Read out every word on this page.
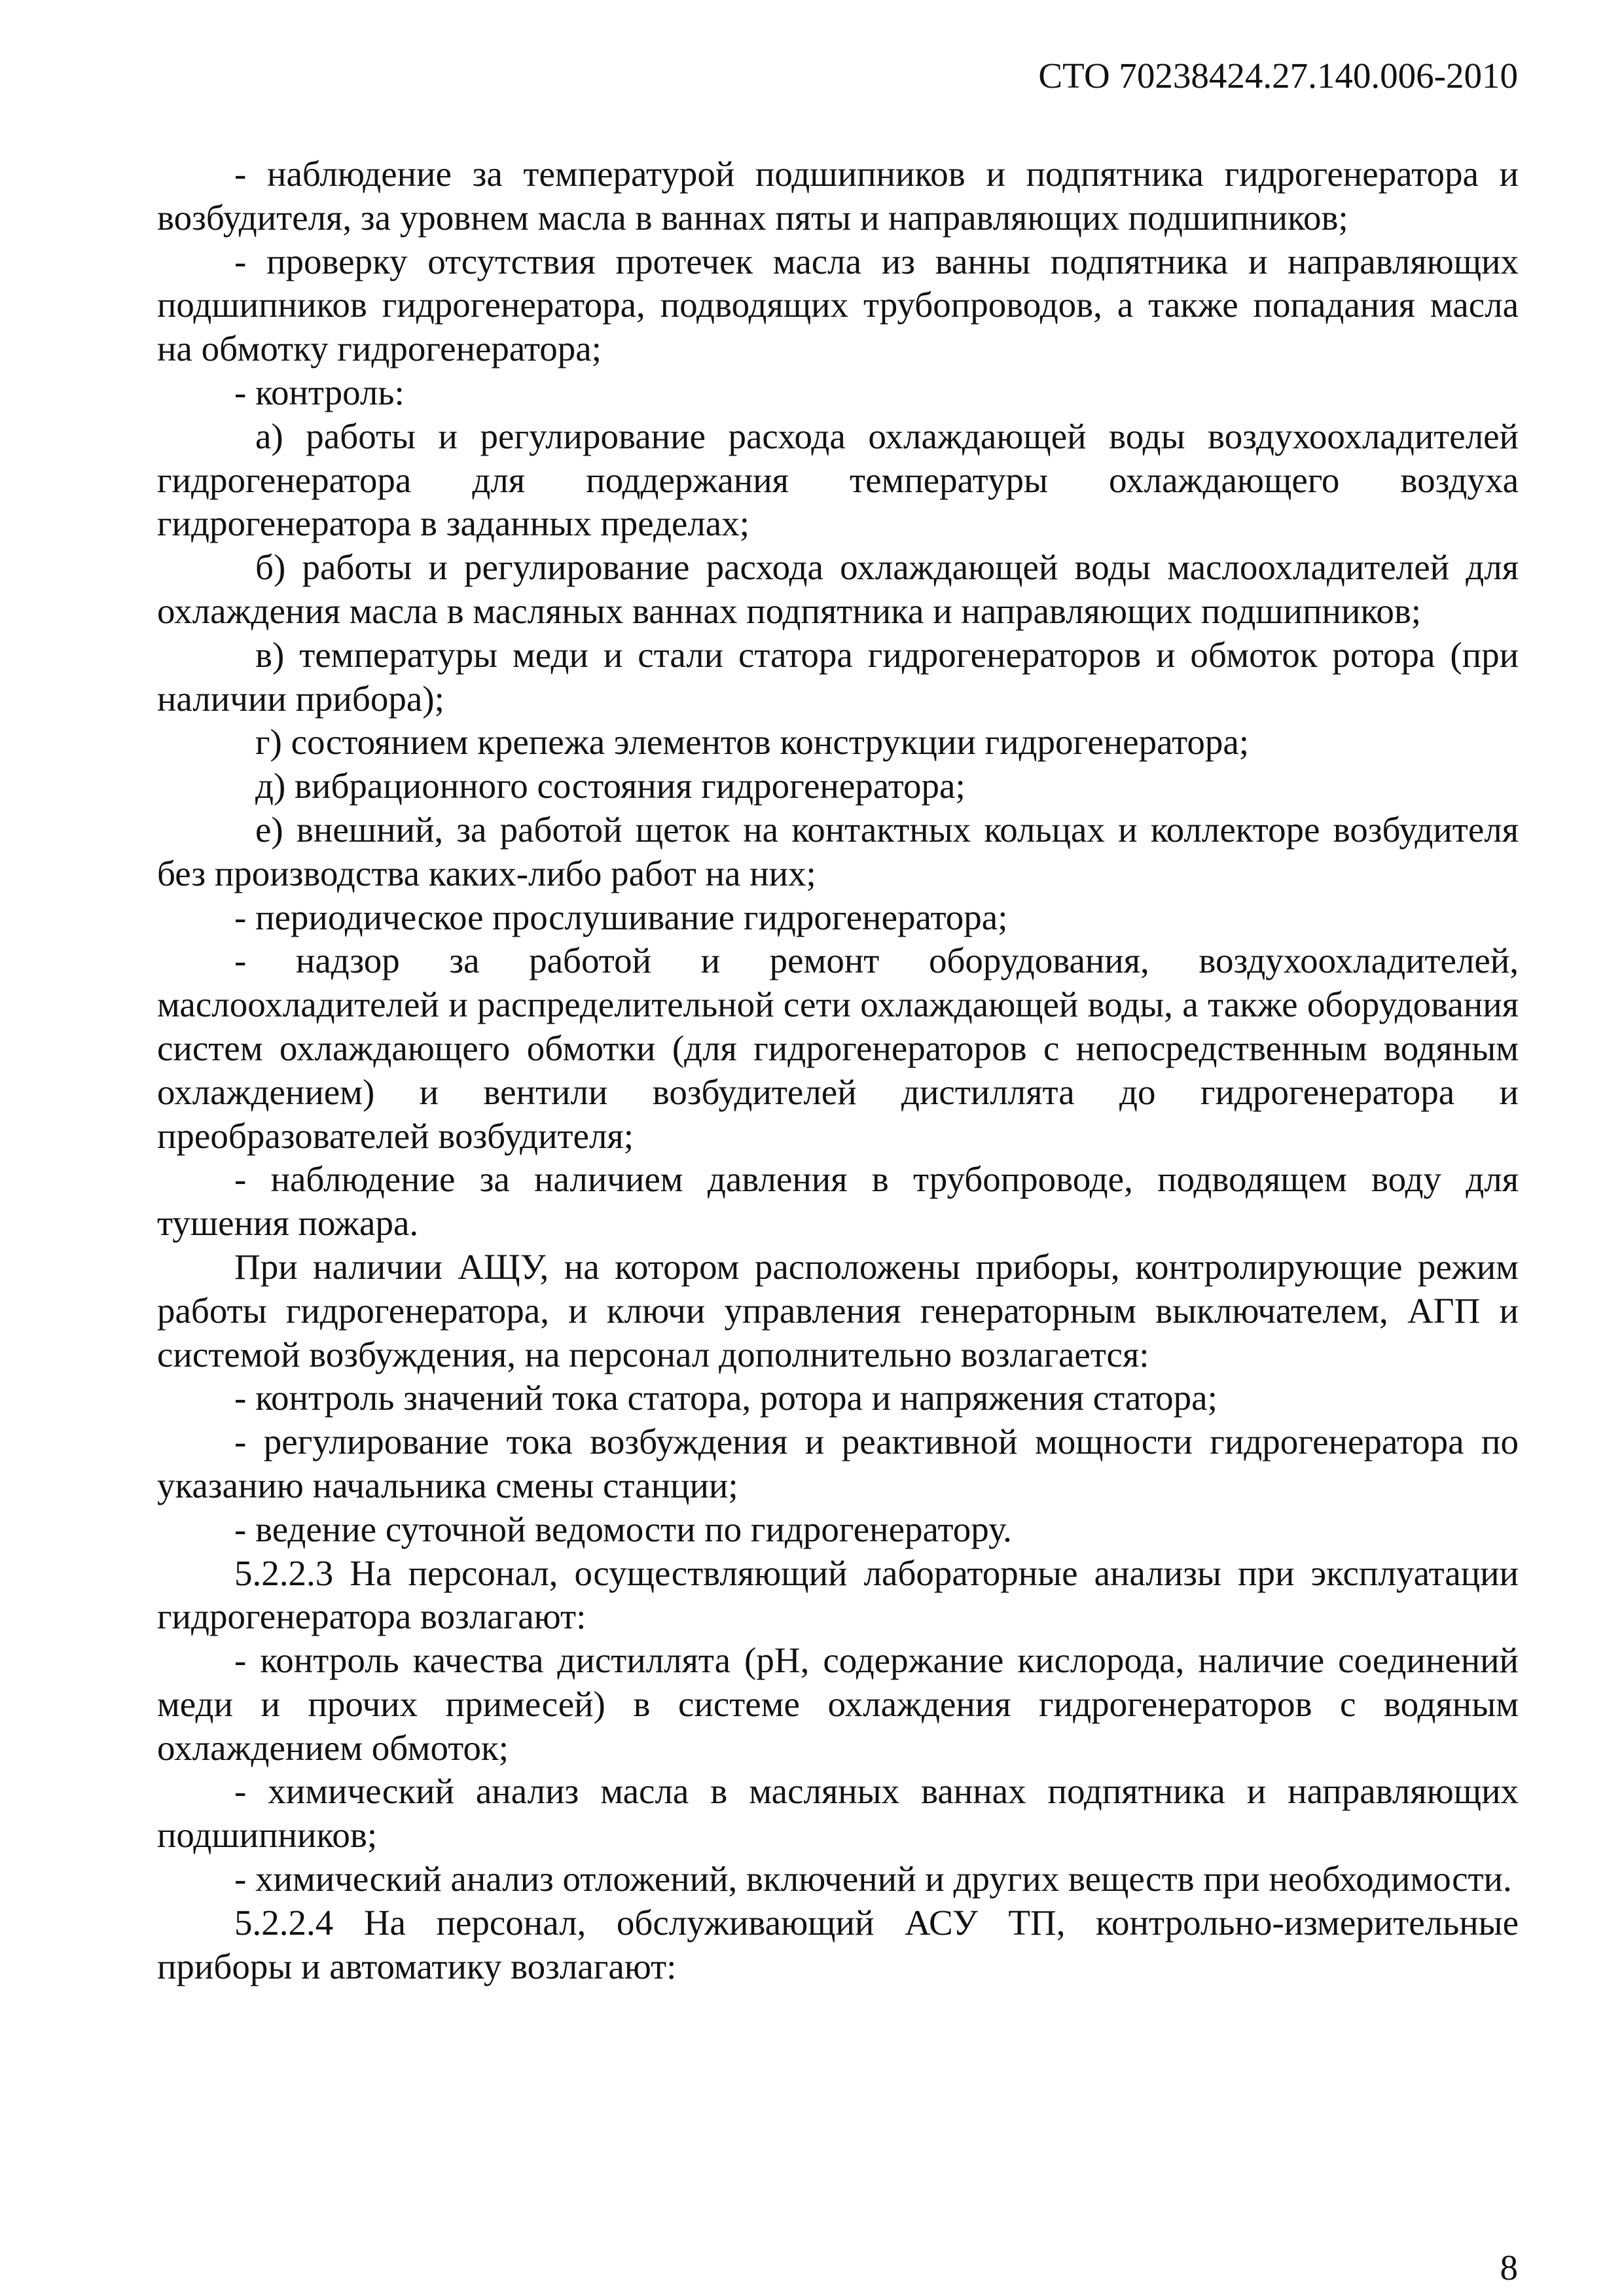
СТО 70238424.27.140.006-2010

- наблюдение за температурой подшипников и подпятника гидрогенератора и возбудителя, за уровнем масла в ваннах пяты и направляющих подшипников;

- проверку отсутствия протечек масла из ванны подпятника и направляющих подшипников гидрогенератора, подводящих трубопроводов, а также попадания масла на обмотку гидрогенератора;

- контроль:

а) работы и регулирование расхода охлаждающей воды воздухоохладителей гидрогенератора для поддержания температуры охлаждающего воздуха гидрогенератора в заданных пределах;

б) работы и регулирование расхода охлаждающей воды маслоохладителей для охлаждения масла в масляных ваннах подпятника и направляющих подшипников;

в) температуры меди и стали статора гидрогенераторов и обмоток ротора (при наличии прибора);

г) состоянием крепежа элементов конструкции гидрогенератора;

д) вибрационного состояния гидрогенератора;

е) внешний, за работой щеток на контактных кольцах и коллекторе возбудителя без производства каких-либо работ на них;

- периодическое прослушивание гидрогенератора;

- надзор за работой и ремонт оборудования, воздухоохладителей, маслоохладителей и распределительной сети охлаждающей воды, а также оборудования систем охлаждающего обмотки (для гидрогенераторов с непосредственным водяным охлаждением) и вентили возбудителей дистиллята до гидрогенератора и преобразователей возбудителя;

- наблюдение за наличием давления в трубопроводе, подводящем воду для тушения пожара.

При наличии АЩУ, на котором расположены приборы, контролирующие режим работы гидрогенератора, и ключи управления генераторным выключателем, АГП и системой возбуждения, на персонал дополнительно возлагается:

- контроль значений тока статора, ротора и напряжения статора;

- регулирование тока возбуждения и реактивной мощности гидрогенератора по указанию начальника смены станции;

- ведение суточной ведомости по гидрогенератору.

5.2.2.3 На персонал, осуществляющий лабораторные анализы при эксплуатации гидрогенератора возлагают:

- контроль качества дистиллята (pH, содержание кислорода, наличие соединений меди и прочих примесей) в системе охлаждения гидрогенераторов с водяным охлаждением обмоток;

- химический анализ масла в масляных ваннах подпятника и направляющих подшипников;

- химический анализ отложений, включений и других веществ при необходимости.

5.2.2.4 На персонал, обслуживающий АСУ ТП, контрольно-измерительные приборы и автоматику возлагают:

8
